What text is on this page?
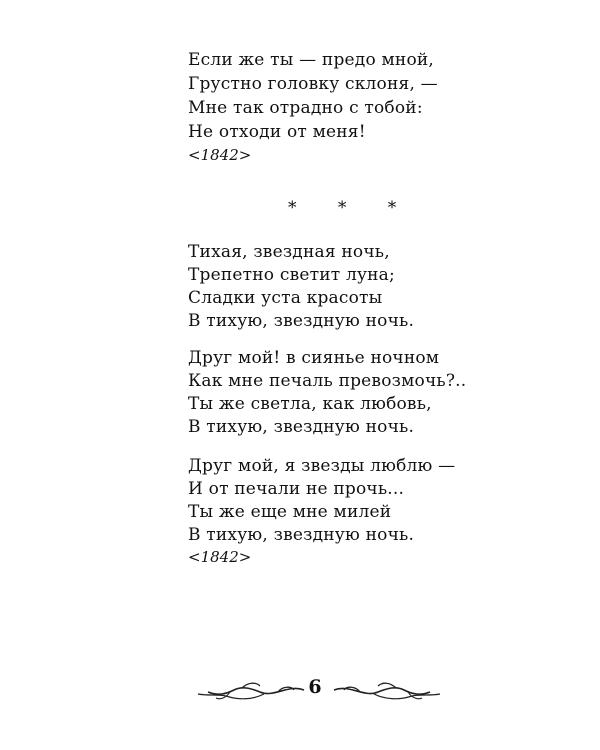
Если же ты — предо мной,
Грустно головку склоня, —
Мне так отрадно с тобой:
Не отходи от меня!
<1842>
* * *
Тихая, звездная ночь,
Трепетно светит луна;
Сладки уста красоты
В тихую, звездную ночь.
Друг мой! в сиянье ночном
Как мне печаль превозмочь?..
Ты же светла, как любовь,
В тихую, звездную ночь.
Друг мой, я звезды люблю —
И от печали не прочь...
Ты же еще мне милей
В тихую, звездную ночь.
<1842>
6
